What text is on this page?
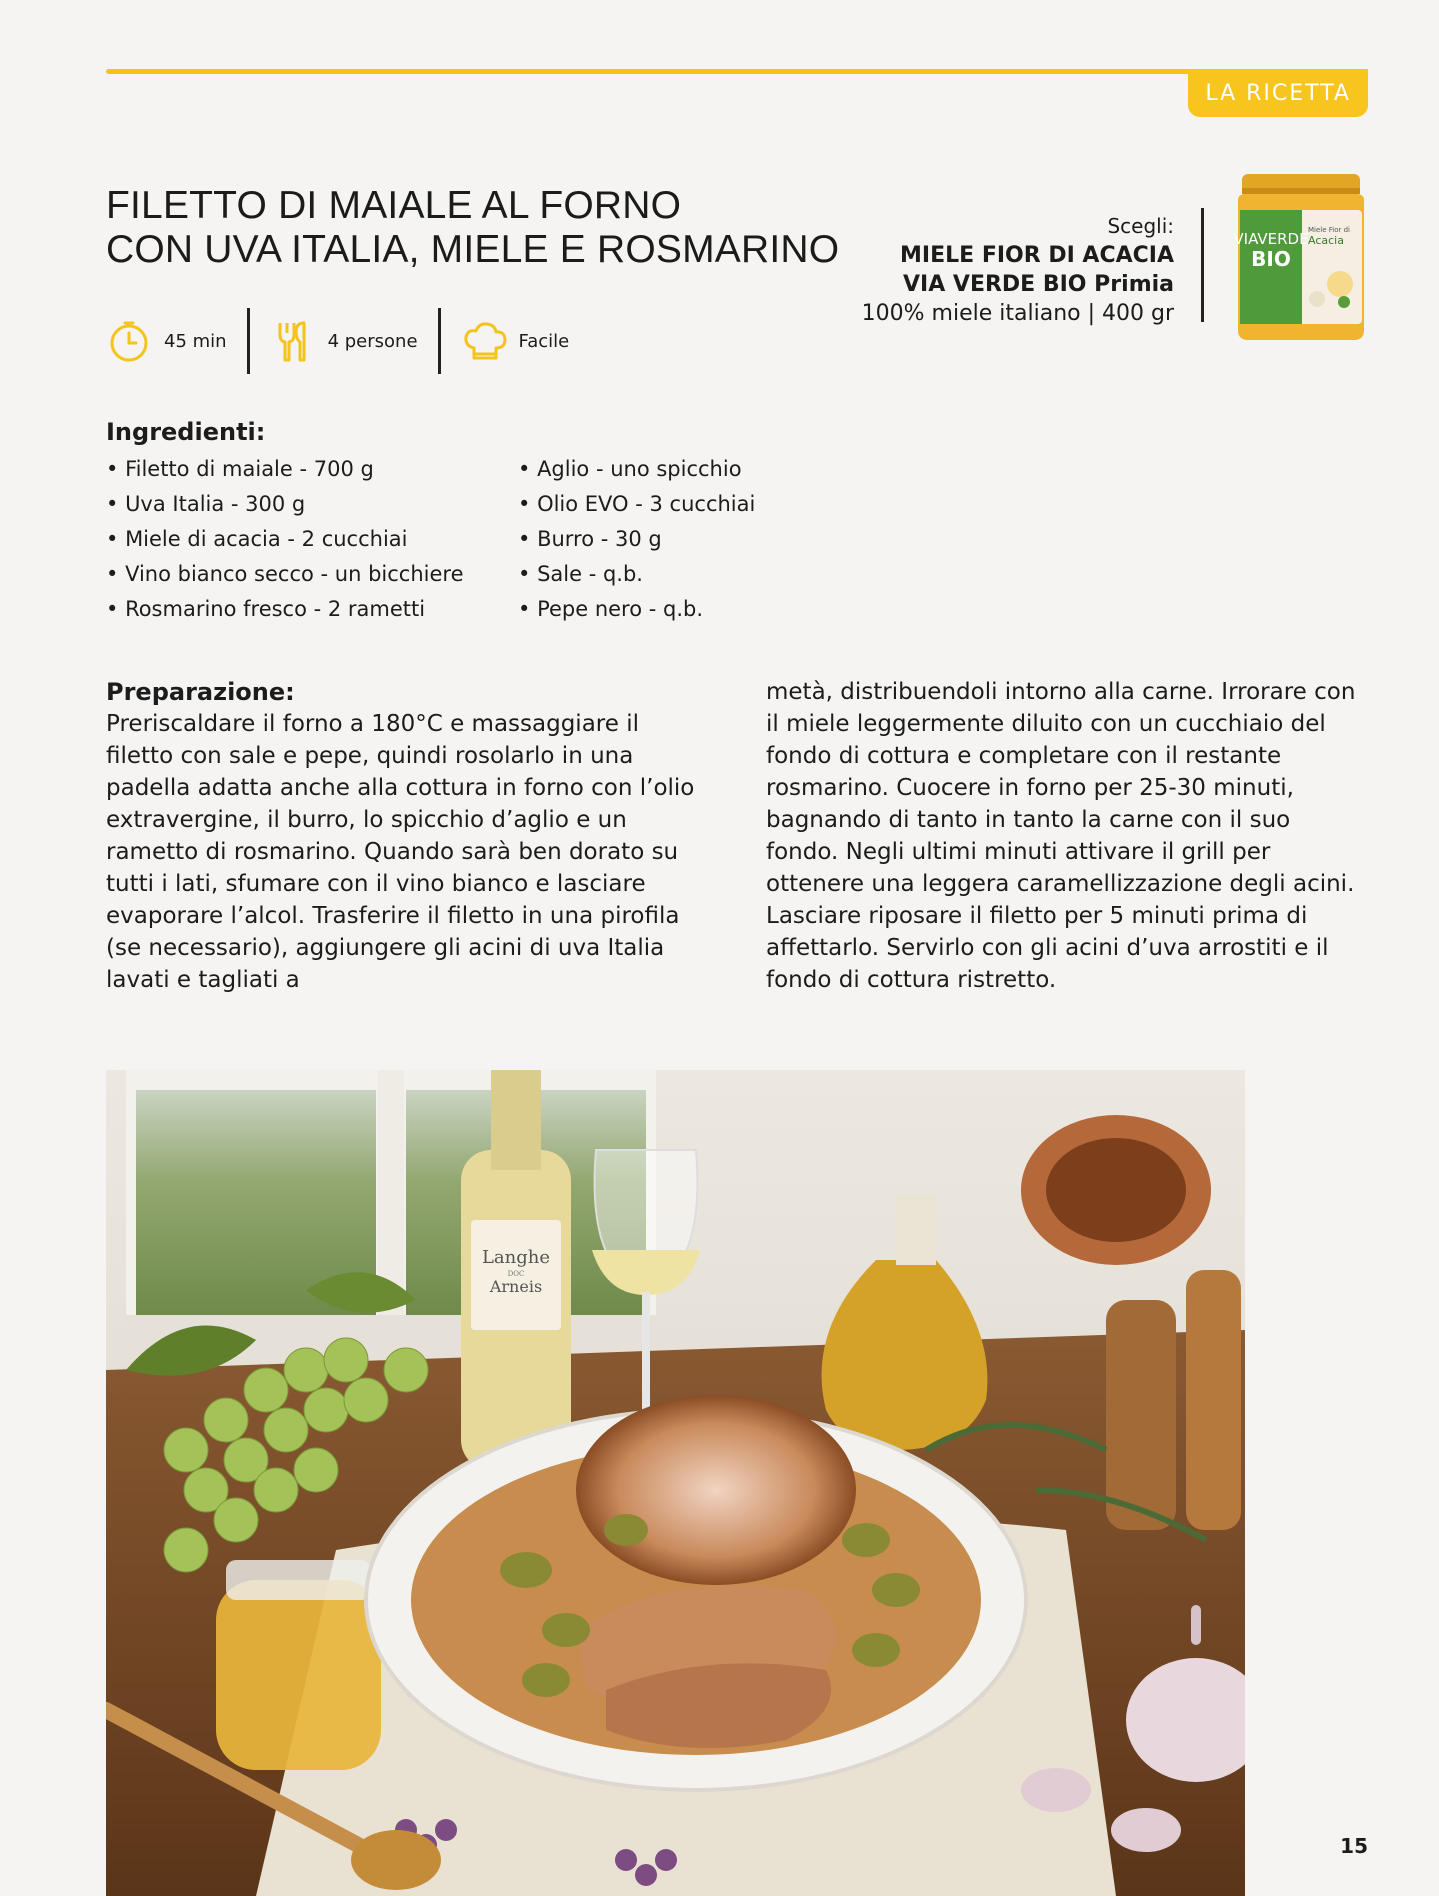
LA RICETTA
FILETTO DI MAIALE AL FORNO
CON UVA ITALIA, MIELE E ROSMARINO
45 min	4 persone	Facile
Scegli:
MIELE FIOR DI ACACIA
VIA VERDE BIO Primia
100% miele italiano | 400 gr
VIAVERDE
BIO
Miele Fior di
Acacia
Ingredienti:
• Filetto di maiale - 700 g
• Uva Italia - 300 g
• Miele di acacia - 2 cucchiai
• Vino bianco secco - un bicchiere
• Rosmarino fresco - 2 rametti
• Aglio - uno spicchio
• Olio EVO - 3 cucchiai
• Burro - 30 g
• Sale - q.b.
• Pepe nero - q.b.
Preparazione:

Preriscaldare il forno a 180°C e massaggiare il filetto con sale e pepe, quindi rosolarlo in una padella adatta anche alla cottura in forno con l’olio extravergine, il burro, lo spicchio d’aglio e un rametto di rosmarino. Quando sarà ben dorato su tutti i lati, sfumare con il vino bianco e lasciare evaporare l’alcol. Trasferire il filetto in una pirofila (se necessario), aggiungere gli acini di uva Italia lavati e tagliati a

metà, distribuendoli intorno alla carne. Irrorare con il miele leggermente diluito con un cucchiaio del fondo di cottura e completare con il restante rosmarino. Cuocere in forno per 25-30 minuti, bagnando di tanto in tanto la carne con il suo fondo. Negli ultimi minuti attivare il grill per ottenere una leggera caramellizzazione degli acini. Lasciare riposare il filetto per 5 minuti prima di affettarlo. Servirlo con gli acini d’uva arrostiti e il fondo di cottura ristretto.

Langhe
DOC
Arneis
15
